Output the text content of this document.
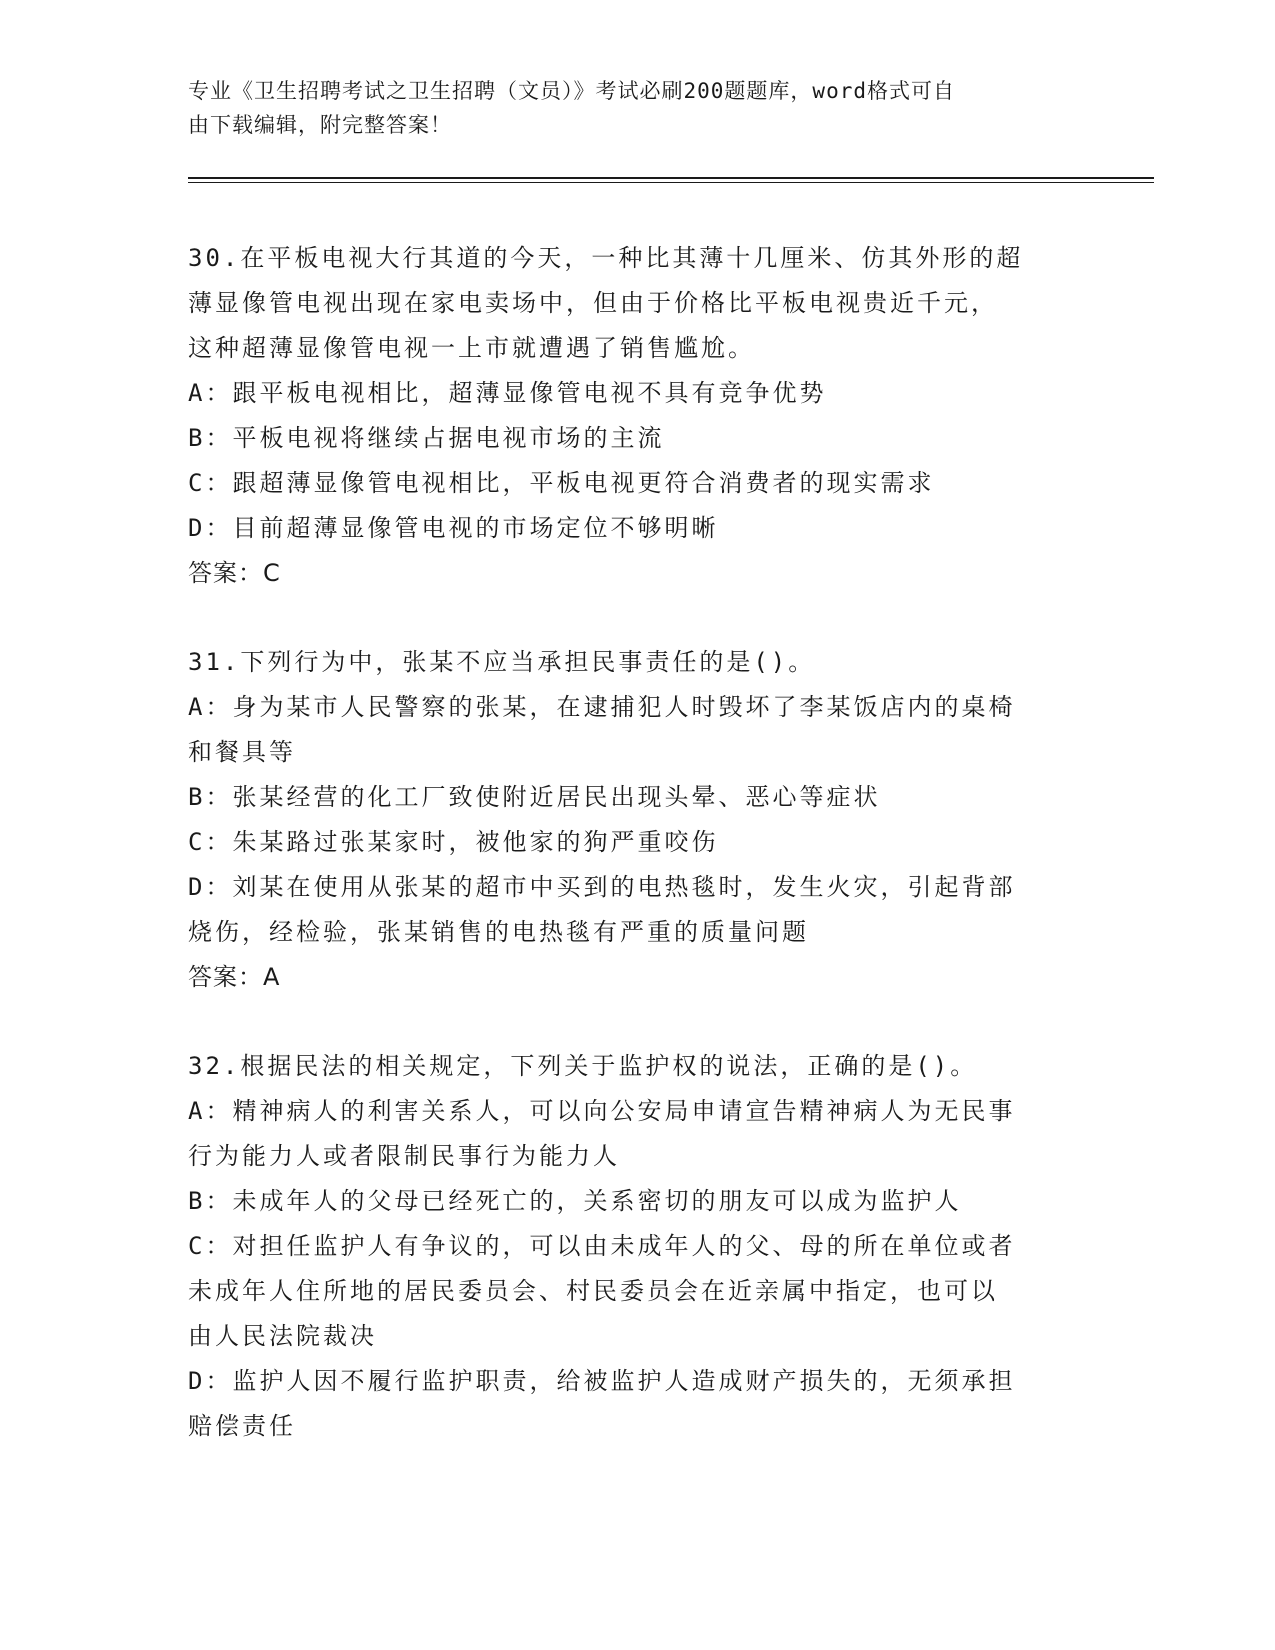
专业《卫生招聘考试之卫生招聘（文员）》考试必刷200题题库，word格式可自
由下载编辑，附完整答案！
30.在平板电视大行其道的今天，一种比其薄十几厘米、仿其外形的超
薄显像管电视出现在家电卖场中，但由于价格比平板电视贵近千元，
这种超薄显像管电视一上市就遭遇了销售尴尬。
A：跟平板电视相比，超薄显像管电视不具有竞争优势
B：平板电视将继续占据电视市场的主流
C：跟超薄显像管电视相比，平板电视更符合消费者的现实需求
D：目前超薄显像管电视的市场定位不够明晰
答案：C
31.下列行为中，张某不应当承担民事责任的是()。
A：身为某市人民警察的张某，在逮捕犯人时毁坏了李某饭店内的桌椅
和餐具等
B：张某经营的化工厂致使附近居民出现头晕、恶心等症状
C：朱某路过张某家时，被他家的狗严重咬伤
D：刘某在使用从张某的超市中买到的电热毯时，发生火灾，引起背部
烧伤，经检验，张某销售的电热毯有严重的质量问题
答案：A
32.根据民法的相关规定，下列关于监护权的说法，正确的是()。
A：精神病人的利害关系人，可以向公安局申请宣告精神病人为无民事
行为能力人或者限制民事行为能力人
B：未成年人的父母已经死亡的，关系密切的朋友可以成为监护人
C：对担任监护人有争议的，可以由未成年人的父、母的所在单位或者
未成年人住所地的居民委员会、村民委员会在近亲属中指定，也可以
由人民法院裁决
D：监护人因不履行监护职责，给被监护人造成财产损失的，无须承担
赔偿责任
